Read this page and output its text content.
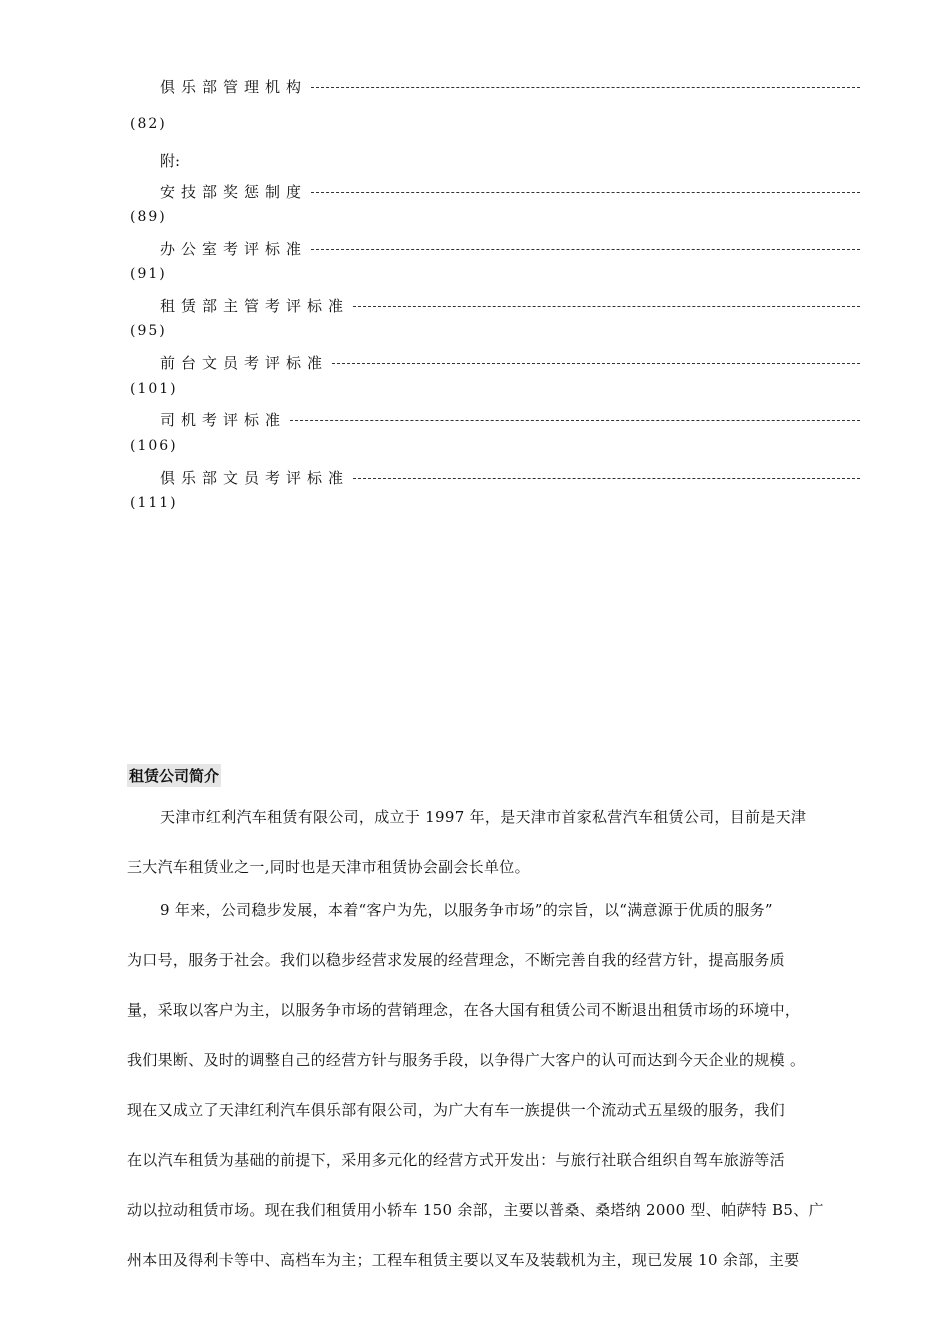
俱乐部管理机构
(82)
附:
安技部奖惩制度
(89)
办公室考评标准
(91)
租赁部主管考评标准
(95)
前台文员考评标准
(101)
司机考评标准
(106)
俱乐部文员考评标准
(111)
租赁公司简介
天津市红利汽车租赁有限公司，成立于 1997 年，是天津市首家私营汽车租赁公司，目前是天津
三大汽车租赁业之一,同时也是天津市租赁协会副会长单位。
9 年来，公司稳步发展，本着“客户为先，以服务争市场”的宗旨，以“满意源于优质的服务”
为口号，服务于社会。我们以稳步经营求发展的经营理念，不断完善自我的经营方针，提高服务质
量，采取以客户为主，以服务争市场的营销理念，在各大国有租赁公司不断退出租赁市场的环境中，
我们果断、及时的调整自己的经营方针与服务手段，以争得广大客户的认可而达到今天企业的规模 。
现在又成立了天津红利汽车俱乐部有限公司，为广大有车一族提供一个流动式五星级的服务，我们
在以汽车租赁为基础的前提下，采用多元化的经营方式开发出：与旅行社联合组织自驾车旅游等活
动以拉动租赁市场。现在我们租赁用小轿车 150 余部，主要以普桑、桑塔纳 2000 型、帕萨特 B5、广
州本田及得利卡等中、高档车为主；工程车租赁主要以叉车及装载机为主，现已发展 10 余部，主要
